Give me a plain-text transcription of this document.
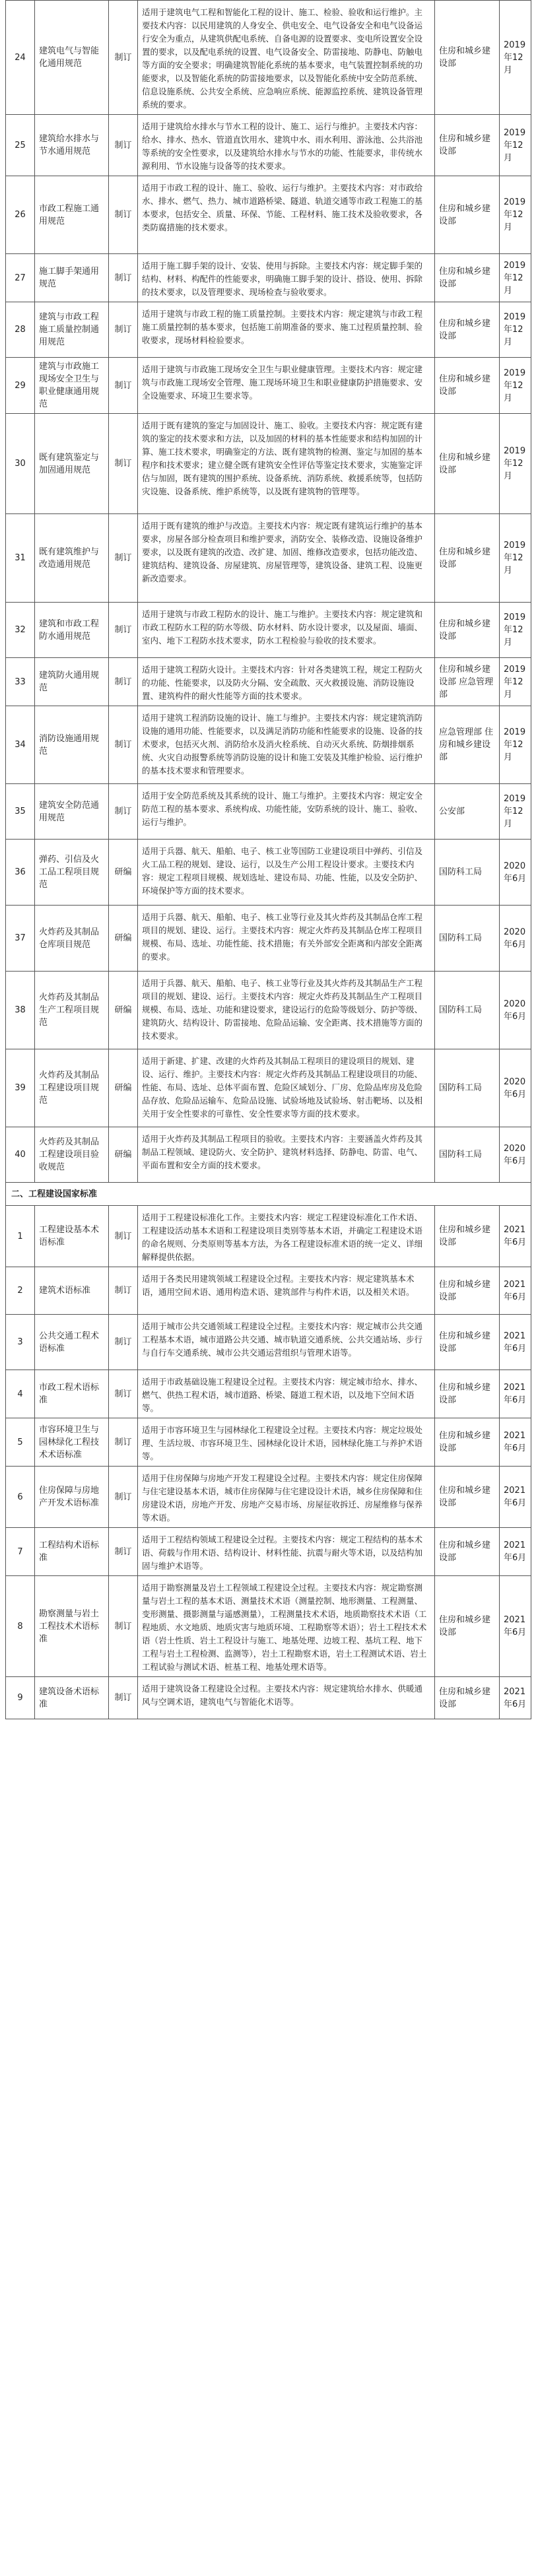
24	建筑电气与智能化通用规范	制订	适用于建筑电气工程和智能化工程的设计、施工、检验、验收和运行维护。主要技术内容：以民用建筑的人身安全、供电安全、电气设备安全和电气设备运行安全为重点，从建筑供配电系统、自备电源的设置要求、变电所设置安全设置的要求，以及配电系统的设置、电气设备安全、防雷接地、防静电、防触电等方面的安全要求；明确建筑智能化系统的基本要求，电气装置控制系统的功能要求，以及智能化系统的防雷接地要求，以及智能化系统中安全防范系统、信息设施系统、公共安全系统、应急响应系统、能源监控系统、建筑设备管理系统的要求。	住房和城乡建设部	2019年12月
25	建筑给水排水与节水通用规范	制订	适用于建筑给水排水与节水工程的设计、施工、运行与维护。主要技术内容：给水、排水、热水、管道直饮用水、建筑中水、雨水利用、游泳池、公共浴池等系统的安全性要求，以及建筑给水排水与节水的功能、性能要求，非传统水源利用、节水设施与设备等的技术要求。	住房和城乡建设部	2019年12月
26	市政工程施工通用规范	制订	适用于市政工程的设计、施工、验收、运行与维护。主要技术内容：对市政给水、排水、燃气、热力、城市道路桥梁、隧道、轨道交通等市政工程施工的基本要求，包括安全、质量、环保、节能、工程材料、施工技术及验收要求，各类防腐措施的技术要求。	住房和城乡建设部	2019年12月
27	施工脚手架通用规范	制订	适用于施工脚手架的设计、安装、使用与拆除。主要技术内容：规定脚手架的结构、材料、构配件的性能要求，明确施工脚手架的设计、搭设、使用、拆除的技术要求，以及管理要求、现场检查与验收要求。	住房和城乡建设部	2019年12月
28	建筑与市政工程施工质量控制通用规范	制订	适用于建筑与市政工程的施工质量控制。主要技术内容：规定建筑与市政工程施工质量控制的基本要求，包括施工前期准备的要求、施工过程质量控制、验收要求，现场材料检验要求。	住房和城乡建设部	2019年12月
29	建筑与市政施工现场安全卫生与职业健康通用规范	制订	适用于建筑与市政施工现场安全卫生与职业健康管理。主要技术内容：规定建筑与市政施工现场安全管理、施工现场环境卫生和职业健康防护措施要求、安全设施要求、环境卫生要求等。	住房和城乡建设部	2019年12月
30	既有建筑鉴定与加固通用规范	制订	适用于既有建筑的鉴定与加固设计、施工、验收。主要技术内容：规定既有建筑的鉴定的技术要求和方法，以及加固的材料的基本性能要求和结构加固的计算、施工技术要求，明确鉴定的方法、既有建筑物的检测、鉴定与加固的基本程序和技术要求；建立健全既有建筑安全性评估等鉴定技术要求，实施鉴定评估与加固，既有建筑的围护系统、设备系统、消防系统、救援系统等，包括防灾设施、设备系统、维护系统等，以及既有建筑物的管理等。	住房和城乡建设部	2019年12月
31	既有建筑维护与改造通用规范	制订	适用于既有建筑的维护与改造。主要技术内容：规定既有建筑运行维护的基本要求，房屋各部分检查项目和维护要求，消防安全、装修改造、设施设备维护要求，以及既有建筑的改造、改扩建、加固、维修改造要求，包括功能改造、建筑结构、建筑设备、房屋建筑、房屋管理等，建筑设备、建筑工程、设施更新改造要求。	住房和城乡建设部	2019年12月
32	建筑和市政工程防水通用规范	制订	适用于建筑与市政工程防水的设计、施工与维护。主要技术内容：规定建筑和市政工程防水工程的防水等级、防水材料、防水设计要求，以及屋面、墙面、室内、地下工程防水技术要求，防水工程检验与验收的技术要求。	住房和城乡建设部	2019年12月
33	建筑防火通用规范	制订	适用于建筑工程防火设计。主要技术内容：针对各类建筑工程，规定工程防火的功能、性能要求，以及防火分隔、安全疏散、灭火救援设施、消防设施设置、建筑构件的耐火性能等方面的技术要求。	住房和城乡建设部 应急管理部	2019年12月
34	消防设施通用规范	制订	适用于建筑工程消防设施的设计、施工与维护。主要技术内容：规定建筑消防设施的通用功能、性能要求，以及满足消防功能和性能要求的设施、设备的技术要求，包括灭火剂、消防给水及消火栓系统、自动灭火系统、防烟排烟系统、火灾自动报警系统等消防设施的设计和施工安装及其维护检验、运行维护的基本技术要求和管理要求。	应急管理部 住房和城乡建设部	2019年12月
35	建筑安全防范通用规范	制订	适用于安全防范系统及其系统的设计、施工与维护。主要技术内容：规定安全防范工程的基本要求、系统构成、功能性能，安防系统的设计、施工、验收、运行与维护。	公安部	2019年12月
36	弹药、引信及火工品工程项目规范	研编	适用于兵器、航天、船舶、电子、核工业等国防工业建设项目中弹药、引信及火工品工程的规划、建设、运行，以及生产公用工程设计要求。主要技术内容：规定工程项目规模、规划选址、建设布局、功能、性能，以及安全防护、环境保护等方面的技术要求。	国防科工局	2020年6月
37	火炸药及其制品仓库项目规范	研编	适用于兵器、航天、船舶、电子、核工业等行业及其火炸药及其制品仓库工程项目的规划、建设、运行。主要技术内容：规定火炸药及其制品仓库工程项目规模、布局、选址、功能性能、技术措施；有关外部安全距离和内部安全距离的要求。	国防科工局	2020年6月
38	火炸药及其制品生产工程项目规范	研编	适用于兵器、航天、船舶、电子、核工业等行业及其火炸药及其制品生产工程项目的规划、建设、运行。主要技术内容：规定火炸药及其制品生产工程项目规模、布局、选址、功能和建设要求，建设运行的危险等级划分、防护等级、建筑防火、结构设计、防雷接地、危险品运输、安全距离、技术措施等方面的技术要求。	国防科工局	2020年6月
39	火炸药及其制品工程建设项目规范	研编	适用于新建、扩建、改建的火炸药及其制品工程项目的建设项目的规划、建设、运行、维护。主要技术内容：规定火炸药及其制品工程建设项目的功能、性能、布局、选址、总体平面布置、危险区域划分、厂房、危险品库房及危险品存放、危险品运输车、危险品设施、试验场地及试验场、射击靶场、以及相关用于安全性要求的可靠性、安全性要求等方面的技术要求。	国防科工局	2020年6月
40	火炸药及其制品工程建设项目验收规范	研编	适用于火炸药及其制品工程项目的验收。主要技术内容：主要涵盖火炸药及其制品工程领域、建设防火、安全防护、建筑材料选择、防静电、防雷、电气、平面布置和安全方面的技术要求。	国防科工局	2020年6月
二、工程建设国家标准					
1	工程建设基本术语标准	制订	适用于工程建设标准化工作。主要技术内容：规定工程建设标准化工作术语、工程建设活动基本术语和工程建设项目类别等基本术语，并确定工程建设术语的命名规则、分类原则等基本方法，为各工程建设标准术语的统一定义、详细解释提供依据。	住房和城乡建设部	2021年6月
2	建筑术语标准	制订	适用于各类民用建筑领域工程建设全过程。主要技术内容：规定建筑基本术语，通用空间术语、通用构造术语、建筑部件与构件术语，以及相关术语。	住房和城乡建设部	2021年6月
3	公共交通工程术语标准	制订	适用于城市公共交通领域工程建设全过程。主要技术内容：规定城市公共交通工程基本术语，城市道路公共交通、城市轨道交通系统、公共交通站场、步行与自行车交通系统、城市公共交通运营组织与管理术语等。	住房和城乡建设部	2021年6月
4	市政工程术语标准	制订	适用于市政基础设施工程建设全过程。主要技术内容：规定城市给水、排水、燃气、供热工程术语，城市道路、桥梁、隧道工程术语，以及地下空间术语等。	住房和城乡建设部	2021年6月
5	市容环境卫生与园林绿化工程技术术语标准	制订	适用于市容环境卫生与园林绿化工程建设全过程。主要技术内容：规定垃圾处理、生活垃圾、市容环境卫生、园林绿化设计术语，园林绿化施工与养护术语等。	住房和城乡建设部	2021年6月
6	住房保障与房地产开发术语标准	制订	适用于住房保障与房地产开发工程建设全过程。主要技术内容：规定住房保障与住宅建设基本术语，城市住房保障与住宅建设设计术语，城乡住房保障和住房建设术语，房地产开发、房地产交易市场、房屋征收拆迁、房屋维修与保养等术语。	住房和城乡建设部	2021年6月
7	工程结构术语标准	制订	适用于工程结构领域工程建设全过程。主要技术内容：规定工程结构的基本术语、荷载与作用术语、结构设计、材料性能、抗震与耐火等术语，以及结构加固与维护术语等。	住房和城乡建设部	2021年6月
8	勘察测量与岩土工程技术术语标准	制订	适用于勘察测量及岩土工程领域工程建设全过程。主要技术内容：规定勘察测量与岩土工程的基本术语、测量技术术语（测量控制、地形测量、工程测量、变形测量、摄影测量与遥感测量），工程测量技术术语，地质勘察技术术语（工程地质、水文地质、地质灾害与地质环境、工程勘察等术语）；岩土工程技术术语（岩土性质、岩土工程设计与施工、地基处理、边坡工程、基坑工程、地下工程与岩土工程检测、监测等），岩土工程勘察术语，岩土工程测试术语、岩土工程试验与测试术语、桩基工程、地基处理术语等。	住房和城乡建设部	2021年6月
9	建筑设备术语标准	制订	适用于建筑设备工程建设全过程。主要技术内容：规定建筑给水排水、供暖通风与空调术语，建筑电气与智能化术语等。	住房和城乡建设部	2021年6月
